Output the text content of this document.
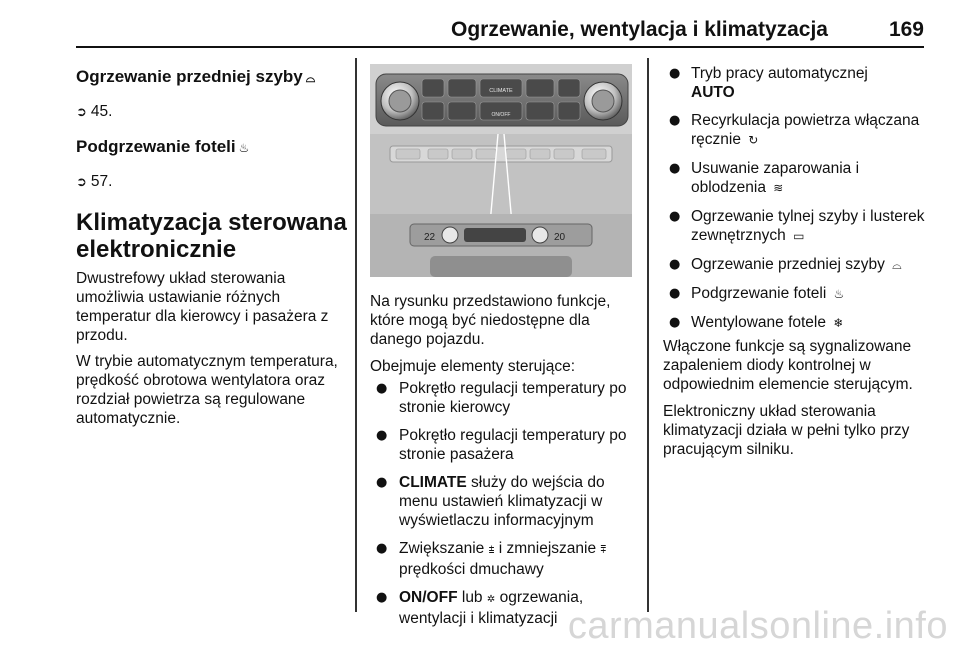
Ogrzewanie, wentylacja i klimatyzacja	169
Ogrzewanie przedniej szyby ⌓

➲ 45.

Podgrzewanie foteli ♨

➲ 57.

Klimatyzacja sterowana elektronicznie

Dwustrefowy układ sterowania umożliwia ustawianie różnych temperatur dla kierowcy i pasażera z przodu.

W trybie automatycznym temperatura, prędkość obrotowa wentylatora oraz rozdział powietrza są regulowane automatycznie.

CLIMATE
ON/OFF
22	20

Na rysunku przedstawiono funkcje, które mogą być niedostępne dla danego pojazdu.

Obejmuje elementy sterujące:

● Pokrętło regulacji temperatury po stronie kierowcy
● Pokrętło regulacji temperatury po stronie pasażera
● CLIMATE służy do wejścia do menu ustawień klimatyzacji w wyświetlaczu informacyjnym
● Zwiększanie ⩲ i zmniejszanie ⩱ prędkości dmuchawy
● ON/OFF lub ✲ ogrzewania, wentylacji i klimatyzacji
● Tryb pracy automatycznej
AUTO
● Recyrkulacja powietrza włączana ręcznie ↻
● Usuwanie zaparowania i oblodzenia ≋
● Ogrzewanie tylnej szyby i lusterek zewnętrznych ▭
● Ogrzewanie przedniej szyby ⌓
● Podgrzewanie foteli ♨
● Wentylowane fotele ❄

Włączone funkcje są sygnalizowane zapaleniem diody kontrolnej w odpowiednim elemencie sterującym.

Elektroniczny układ sterowania klimatyzacji działa w pełni tylko przy pracującym silniku.

carmanualsonline.info
